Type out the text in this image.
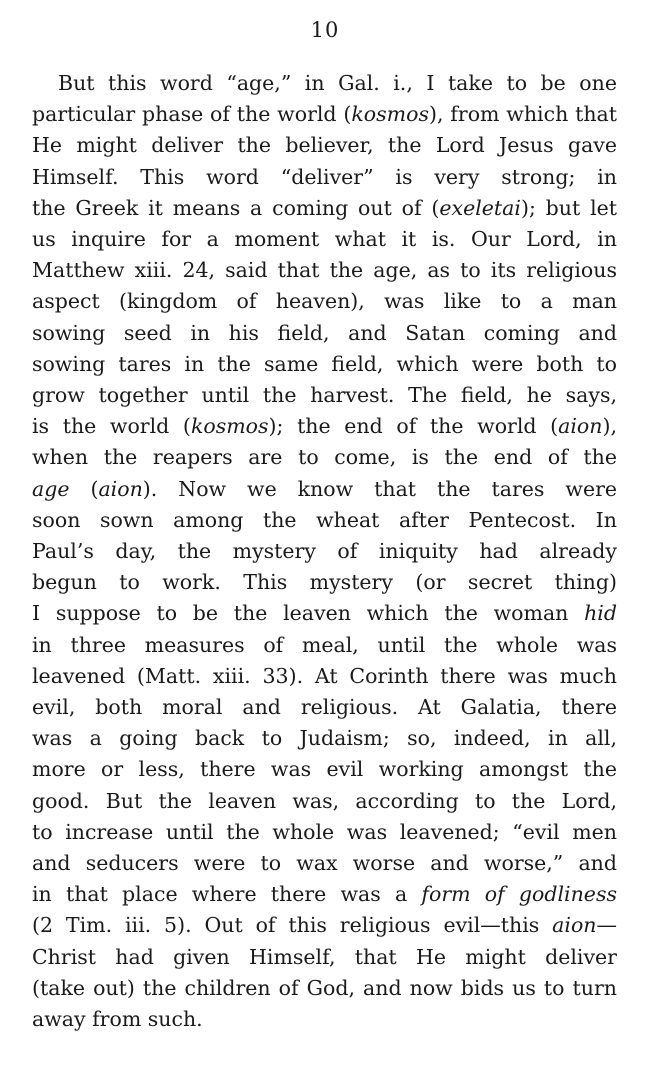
10
But this word “age,” in Gal. i., I take to be one
particular phase of the world (kosmos), from which that
He might deliver the believer, the Lord Jesus gave
Himself. This word “deliver” is very strong; in
the Greek it means a coming out of (exeletai); but let
us inquire for a moment what it is. Our Lord, in
Matthew xiii. 24, said that the age, as to its religious
aspect (kingdom of heaven), was like to a man
sowing seed in his field, and Satan coming and
sowing tares in the same field, which were both to
grow together until the harvest. The field, he says,
is the world (kosmos); the end of the world (aion),
when the reapers are to come, is the end of the
age (aion). Now we know that the tares were
soon sown among the wheat after Pentecost. In
Paul’s day, the mystery of iniquity had already
begun to work. This mystery (or secret thing)
I suppose to be the leaven which the woman hid
in three measures of meal, until the whole was
leavened (Matt. xiii. 33). At Corinth there was much
evil, both moral and religious. At Galatia, there
was a going back to Judaism; so, indeed, in all,
more or less, there was evil working amongst the
good. But the leaven was, according to the Lord,
to increase until the whole was leavened; “evil men
and seducers were to wax worse and worse,” and
in that place where there was a form of godliness
(2 Tim. iii. 5). Out of this religious evil—this aion—
Christ had given Himself, that He might deliver
(take out) the children of God, and now bids us to turn
away from such.
